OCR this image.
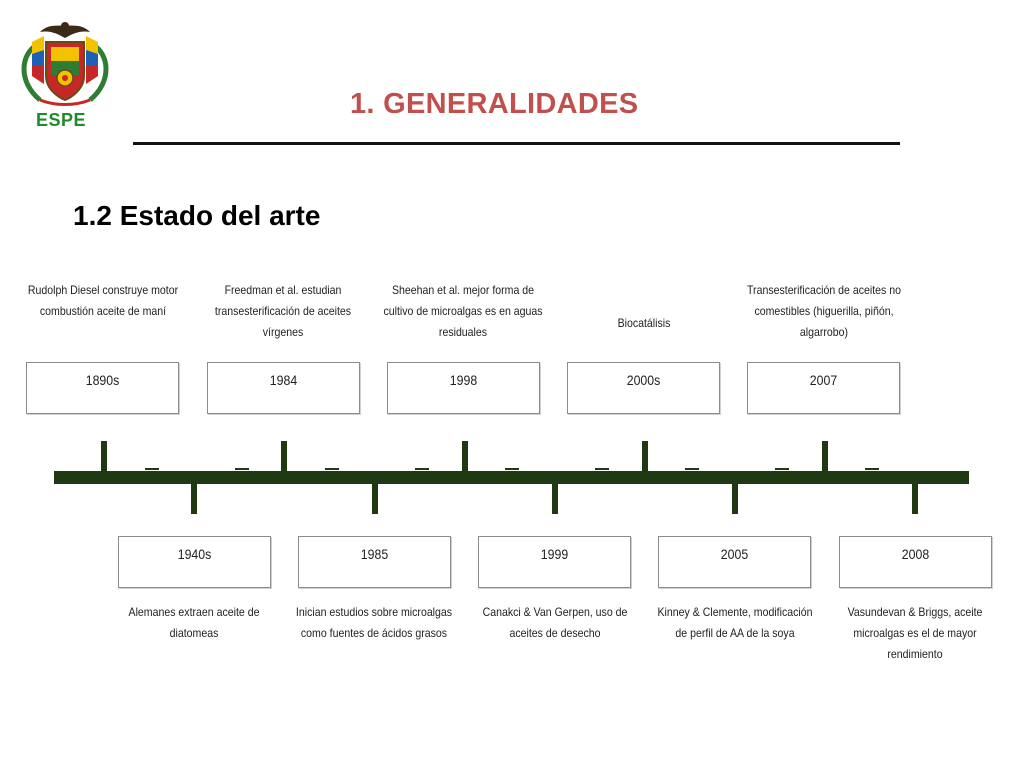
ESPE	1. GENERALIDADES
1.2 Estado del arte
Rudolph Diesel construye motor combustión aceite de maní
Freedman et al. estudian transesterificación de aceites vírgenes
Sheehan et al. mejor forma de cultivo de microalgas es en aguas residuales
Biocatálisis
Transesterificación de aceites no comestibles (higuerilla, piñón, algarrobo)
1890s	1984	1998	2000s	2007
1940s	1985	1999	2005	2008
Alemanes extraen aceite de diatomeas
Inician estudios sobre microalgas como fuentes de ácidos grasos
Canakci & Van Gerpen, uso de aceites de desecho
Kinney & Clemente, modificación de perfil de AA de la soya
Vasundevan & Briggs, aceite microalgas es el de mayor rendimiento
